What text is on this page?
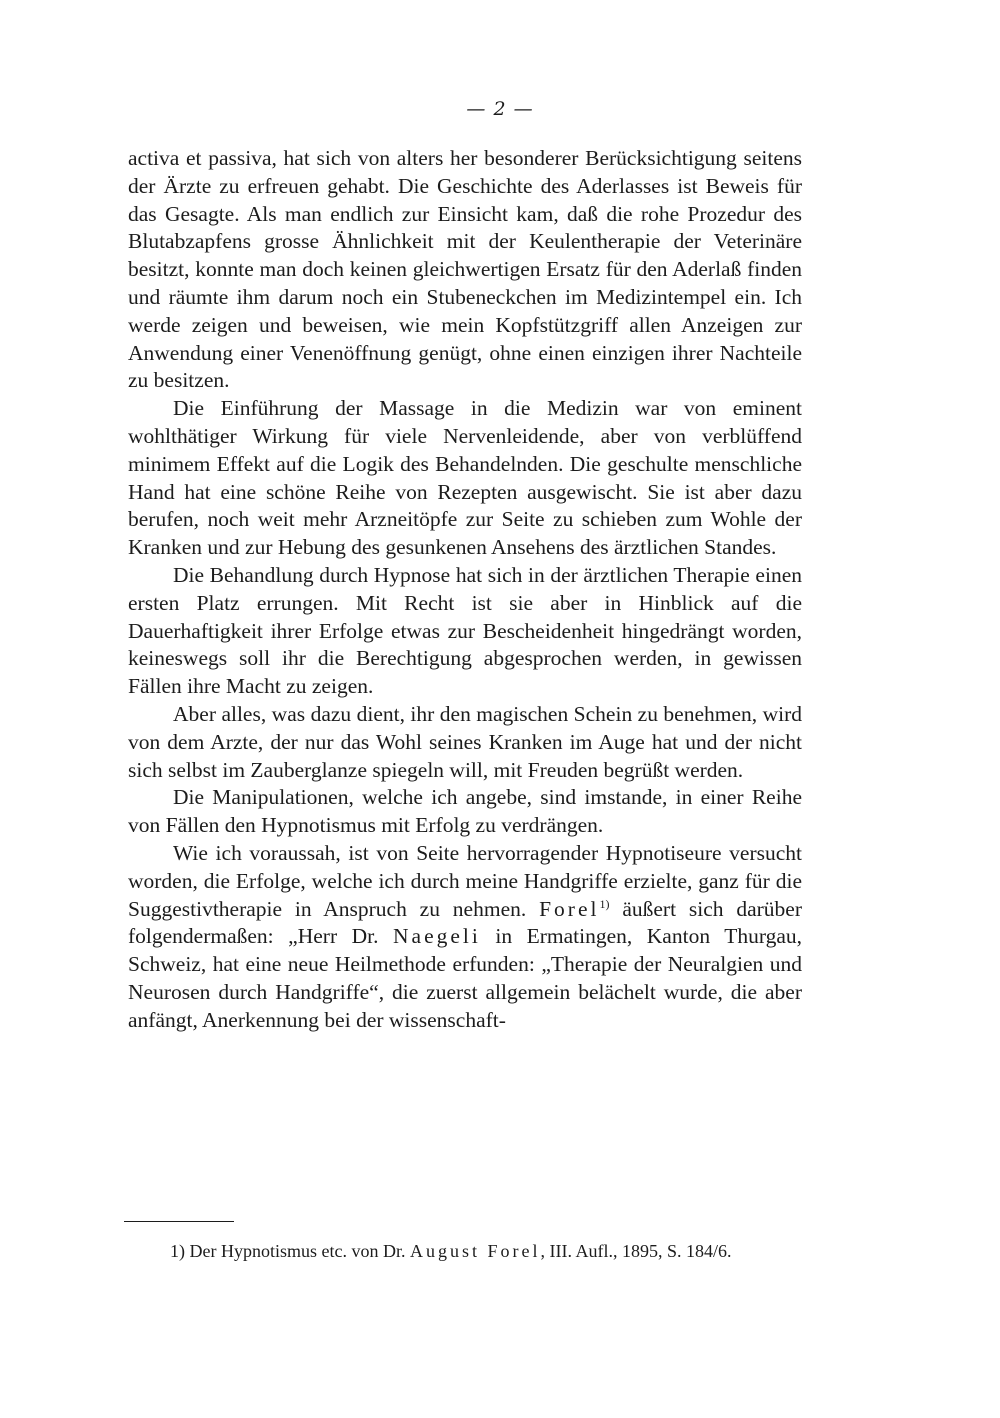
— 2 —

activa et passiva, hat sich von alters her besonderer Berücksichtigung seitens der Ärzte zu erfreuen gehabt. Die Geschichte des Aderlasses ist Beweis für das Gesagte. Als man endlich zur Einsicht kam, daß die rohe Prozedur des Blutabzapfens grosse Ähnlichkeit mit der Keulentherapie der Veterinäre besitzt, konnte man doch keinen gleichwertigen Ersatz für den Aderlaß finden und räumte ihm darum noch ein Stubeneckchen im Medizintempel ein. Ich werde zeigen und beweisen, wie mein Kopfstützgriff allen Anzeigen zur Anwendung einer Venenöffnung genügt, ohne einen einzigen ihrer Nachteile zu besitzen.

Die Einführung der Massage in die Medizin war von eminent wohlthätiger Wirkung für viele Nervenleidende, aber von verblüffend minimem Effekt auf die Logik des Behandelnden. Die geschulte menschliche Hand hat eine schöne Reihe von Rezepten ausgewischt. Sie ist aber dazu berufen, noch weit mehr Arzneitöpfe zur Seite zu schieben zum Wohle der Kranken und zur Hebung des gesunkenen Ansehens des ärztlichen Standes.

Die Behandlung durch Hypnose hat sich in der ärztlichen Therapie einen ersten Platz errungen. Mit Recht ist sie aber in Hinblick auf die Dauerhaftigkeit ihrer Erfolge etwas zur Bescheidenheit hingedrängt worden, keineswegs soll ihr die Berechtigung abgesprochen werden, in gewissen Fällen ihre Macht zu zeigen.

Aber alles, was dazu dient, ihr den magischen Schein zu benehmen, wird von dem Arzte, der nur das Wohl seines Kranken im Auge hat und der nicht sich selbst im Zauberglanze spiegeln will, mit Freuden begrüßt werden.

Die Manipulationen, welche ich angebe, sind imstande, in einer Reihe von Fällen den Hypnotismus mit Erfolg zu verdrängen.

Wie ich voraussah, ist von Seite hervorragender Hypnotiseure versucht worden, die Erfolge, welche ich durch meine Handgriffe erzielte, ganz für die Suggestivtherapie in Anspruch zu nehmen. Forel$^{1)}$ äußert sich darüber folgendermaßen: „Herr Dr. Naegeli in Ermatingen, Kanton Thurgau, Schweiz, hat eine neue Heilmethode erfunden: „Therapie der Neuralgien und Neurosen durch Handgriffe“, die zuerst allgemein belächelt wurde, die aber anfängt, Anerkennung bei der wissenschaft-

1) Der Hypnotismus etc. von Dr. August Forel, III. Aufl., 1895, S. 184/6.
